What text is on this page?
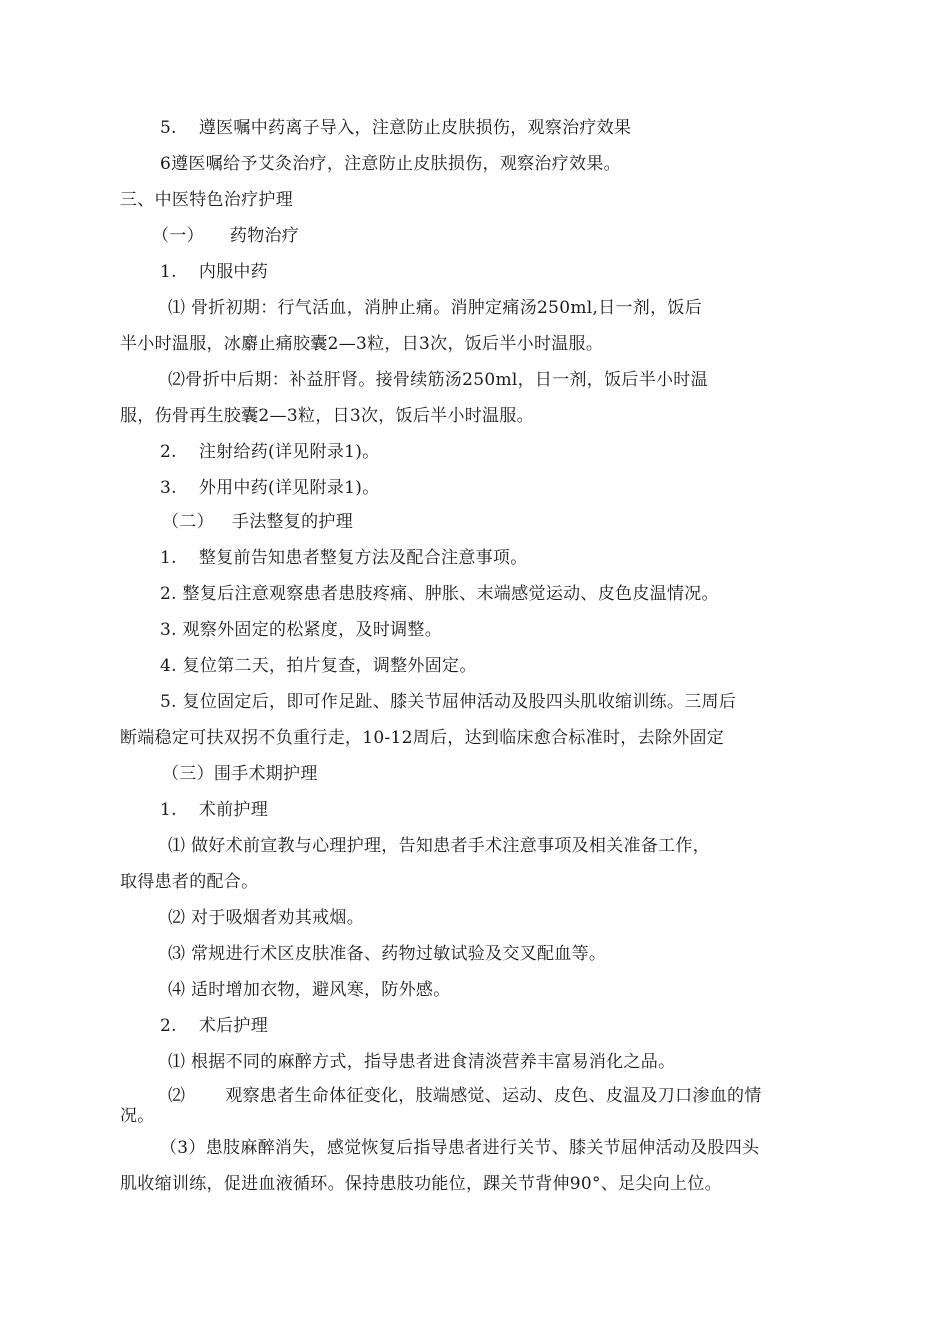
5. 遵医嘱中药离子导入，注意防止皮肤损伤，观察治疗效果
6遵医嘱给予艾灸治疗，注意防止皮肤损伤，观察治疗效果。
三、中医特色治疗护理
（一） 药物治疗
1. 内服中药
⑴ 骨折初期：行气活血，消肿止痛。消肿定痛汤250ml,日一剂，饭后
半小时温服，冰麝止痛胶囊2—3粒，日3次，饭后半小时温服。
⑵骨折中后期：补益肝肾。接骨续筋汤250ml，日一剂，饭后半小时温
服，伤骨再生胶囊2—3粒，日3次，饭后半小时温服。
2. 注射给药(详见附录1)。
3. 外用中药(详见附录1)。
（二） 手法整复的护理
1. 整复前告知患者整复方法及配合注意事项。
2. 整复后注意观察患者患肢疼痛、肿胀、末端感觉运动、皮色皮温情况。
3. 观察外固定的松紧度，及时调整。
4. 复位第二天，拍片复查，调整外固定。
5. 复位固定后，即可作足趾、膝关节屈伸活动及股四头肌收缩训练。三周后
断端稳定可扶双拐不负重行走，10-12周后，达到临床愈合标准时，去除外固定
（三）围手术期护理
1. 术前护理
⑴ 做好术前宣教与心理护理，告知患者手术注意事项及相关准备工作，
取得患者的配合。
⑵ 对于吸烟者劝其戒烟。
⑶ 常规进行术区皮肤准备、药物过敏试验及交叉配血等。
⑷ 适时增加衣物，避风寒，防外感。
2. 术后护理
⑴ 根据不同的麻醉方式，指导患者进食清淡营养丰富易消化之品。
⑵ 观察患者生命体征变化，肢端感觉、运动、皮色、皮温及刀口渗血的情
况。
（3）患肢麻醉消失，感觉恢复后指导患者进行关节、膝关节屈伸活动及股四头
肌收缩训练，促进血液循环。保持患肢功能位，踝关节背伸90°、足尖向上位。
